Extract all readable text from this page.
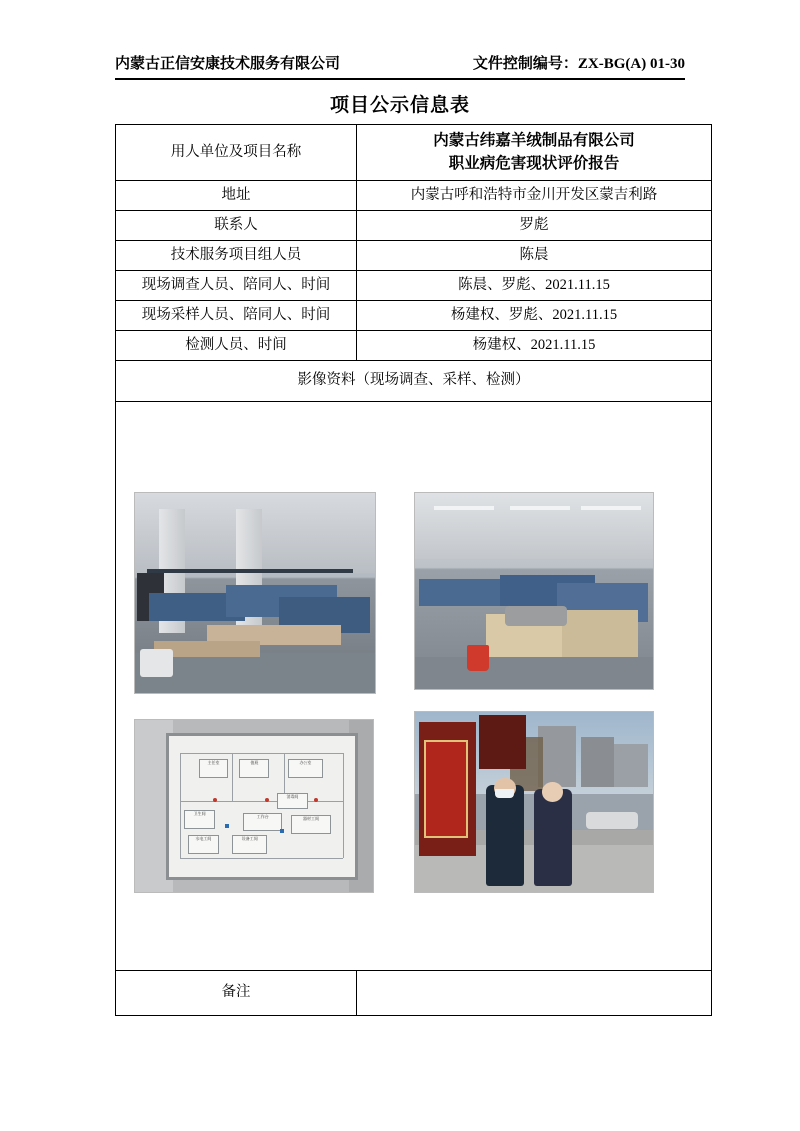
内蒙古正信安康技术服务有限公司	文件控制编号：ZX-BG(A) 01-30
项目公示信息表
用人单位及项目名称	内蒙古纬嘉羊绒制品有限公司
职业病危害现状评价报告

地址	内蒙古呼和浩特市金川开发区蒙吉利路
联系人	罗彪
技术服务项目组人员	陈晨
现场调查人员、陪同人、时间	陈晨、罗彪、2021.11.15
现场采样人员、陪同人、时间	杨建权、罗彪、2021.11.15
检测人员、时间	杨建权、2021.11.15
影像资料（现场调查、采样、检测）	

主任室	值班	办公室
卫生间
工作台
器材工间
水电工间	设备工间
消毒间

备注	
